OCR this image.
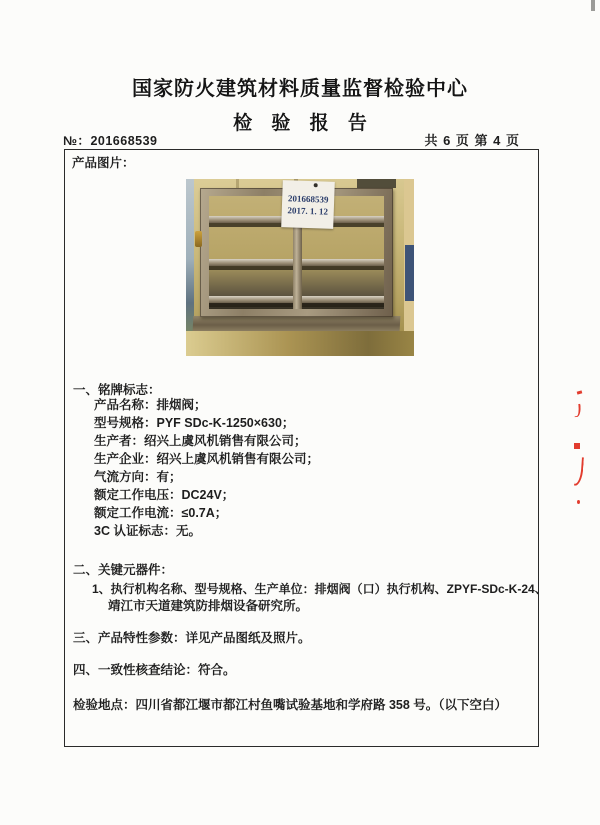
国家防火建筑材料质量监督检验中心
检 验 报 告
№：201668539	共 6 页 第 4 页
产品图片：
201668539
2017. 1. 12
一、铭牌标志：
产品名称：排烟阀；
型号规格：PYF SDc-K-1250×630；
生产者：绍兴上虞风机销售有限公司；
生产企业：绍兴上虞风机销售有限公司；
气流方向：有；
额定工作电压：DC24V；
额定工作电流：≤0.7A；
3C 认证标志：无。
二、关键元器件：
1、执行机构名称、型号规格、生产单位：排烟阀（口）执行机构、ZPYF-SDc-K-24、
靖江市天道建筑防排烟设备研究所。
三、产品特性参数：详见产品图纸及照片。
四、一致性核查结论：符合。
检验地点：四川省都江堰市都江村鱼嘴试验基地和学府路 358 号。（以下空白）
